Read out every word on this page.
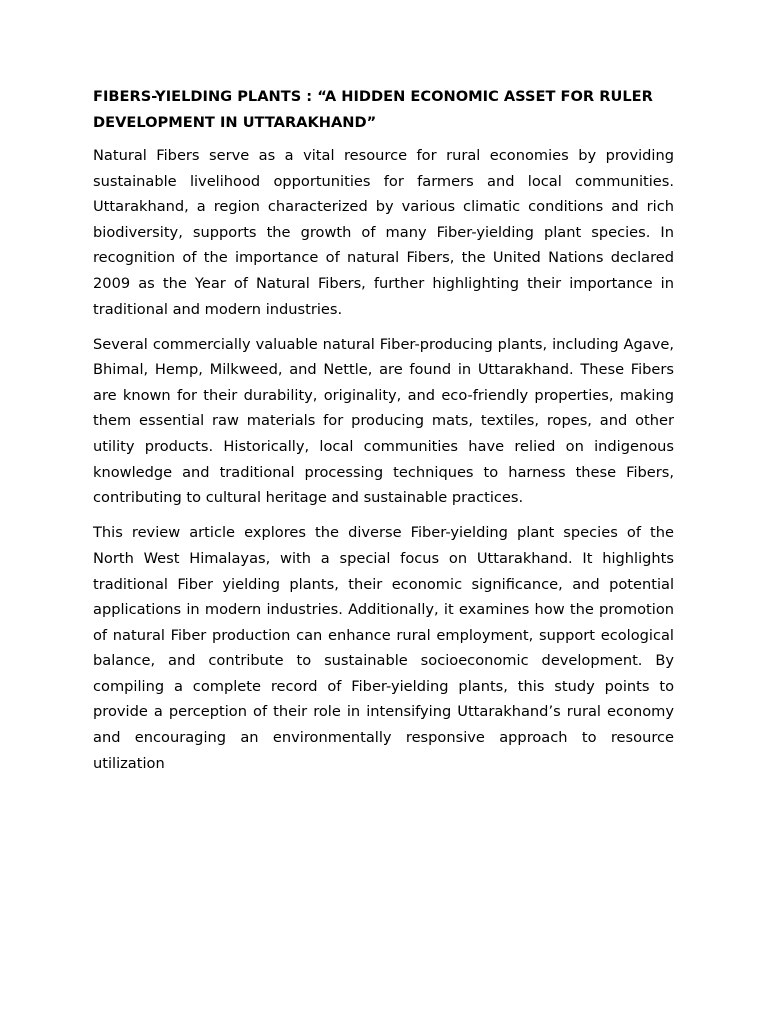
FIBERS-YIELDING PLANTS : “A HIDDEN ECONOMIC ASSET FOR RULER DEVELOPMENT IN UTTARAKHAND”

Natural Fibers serve as a vital resource for rural economies by providing sustainable livelihood opportunities for farmers and local communities. Uttarakhand, a region characterized by various climatic conditions and rich biodiversity, supports the growth of many Fiber-yielding plant species. In recognition of the importance of natural Fibers, the United Nations declared 2009 as the Year of Natural Fibers, further highlighting their importance in traditional and modern industries.

Several commercially valuable natural Fiber-producing plants, including Agave, Bhimal, Hemp, Milkweed, and Nettle, are found in Uttarakhand. These Fibers are known for their durability, originality, and eco-friendly properties, making them essential raw materials for producing mats, textiles, ropes, and other utility products. Historically, local communities have relied on indigenous knowledge and traditional processing techniques to harness these Fibers, contributing to cultural heritage and sustainable practices.

This review article explores the diverse Fiber-yielding plant species of the North West Himalayas, with a special focus on Uttarakhand. It highlights traditional Fiber yielding plants, their economic significance, and potential applications in modern industries. Additionally, it examines how the promotion of natural Fiber production can enhance rural employment, support ecological balance, and contribute to sustainable socioeconomic development. By compiling a complete record of Fiber-yielding plants, this study points to provide a perception of their role in intensifying Uttarakhand’s rural economy and encouraging an environmentally responsive approach to resource utilization
